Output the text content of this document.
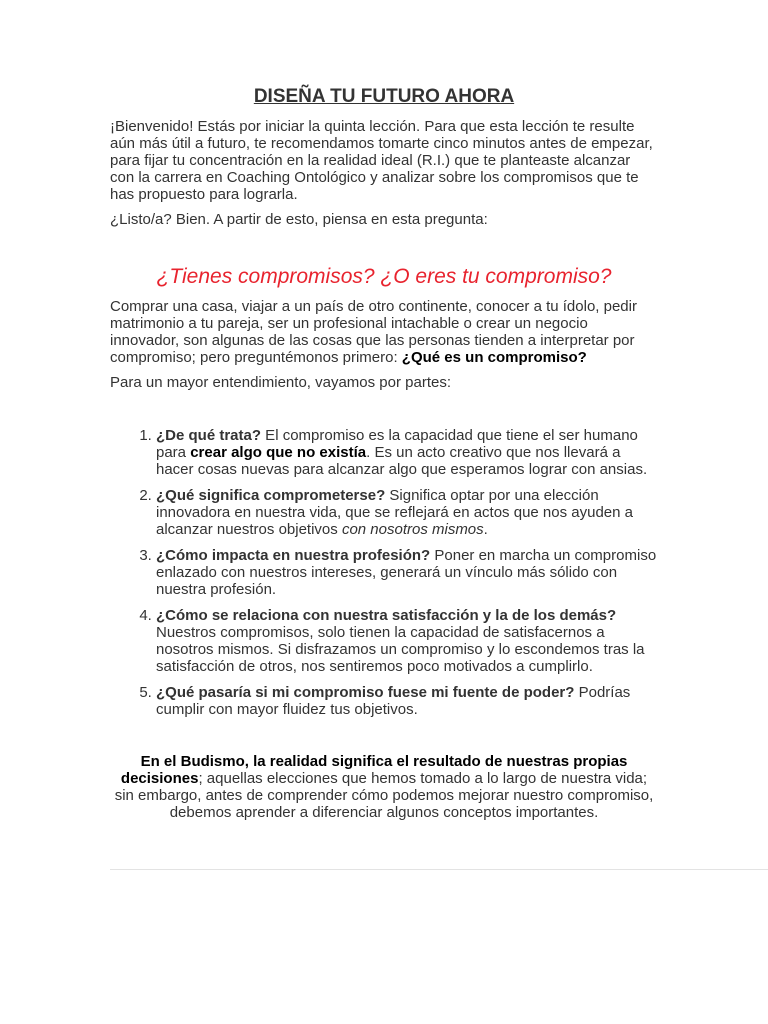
DISEÑA TU FUTURO AHORA

¡Bienvenido! Estás por iniciar la quinta lección. Para que esta lección te resulte aún más útil a futuro, te recomendamos tomarte cinco minutos antes de empezar, para fijar tu concentración en la realidad ideal (R.I.) que te planteaste alcanzar con la carrera en Coaching Ontológico y analizar sobre los compromisos que te has propuesto para lograrla.

¿Listo/a? Bien. A partir de esto, piensa en esta pregunta:

¿Tienes compromisos? ¿O eres tu compromiso?

Comprar una casa, viajar a un país de otro continente, conocer a tu ídolo, pedir matrimonio a tu pareja, ser un profesional intachable o crear un negocio innovador, son algunas de las cosas que las personas tienden a interpretar por compromiso; pero preguntémonos primero: ¿Qué es un compromiso?

Para un mayor entendimiento, vayamos por partes:

1. ¿De qué trata? El compromiso es la capacidad que tiene el ser humano para crear algo que no existía. Es un acto creativo que nos llevará a hacer cosas nuevas para alcanzar algo que esperamos lograr con ansias.
2. ¿Qué significa comprometerse? Significa optar por una elección innovadora en nuestra vida, que se reflejará en actos que nos ayuden a alcanzar nuestros objetivos con nosotros mismos.
3. ¿Cómo impacta en nuestra profesión? Poner en marcha un compromiso enlazado con nuestros intereses, generará un vínculo más sólido con nuestra profesión.
4. ¿Cómo se relaciona con nuestra satisfacción y la de los demás? Nuestros compromisos, solo tienen la capacidad de satisfacernos a nosotros mismos. Si disfrazamos un compromiso y lo escondemos tras la satisfacción de otros, nos sentiremos poco motivados a cumplirlo.
5. ¿Qué pasaría si mi compromiso fuese mi fuente de poder? Podrías cumplir con mayor fluidez tus objetivos.

En el Budismo, la realidad significa el resultado de nuestras propias decisiones; aquellas elecciones que hemos tomado a lo largo de nuestra vida; sin embargo, antes de comprender cómo podemos mejorar nuestro compromiso, debemos aprender a diferenciar algunos conceptos importantes.
